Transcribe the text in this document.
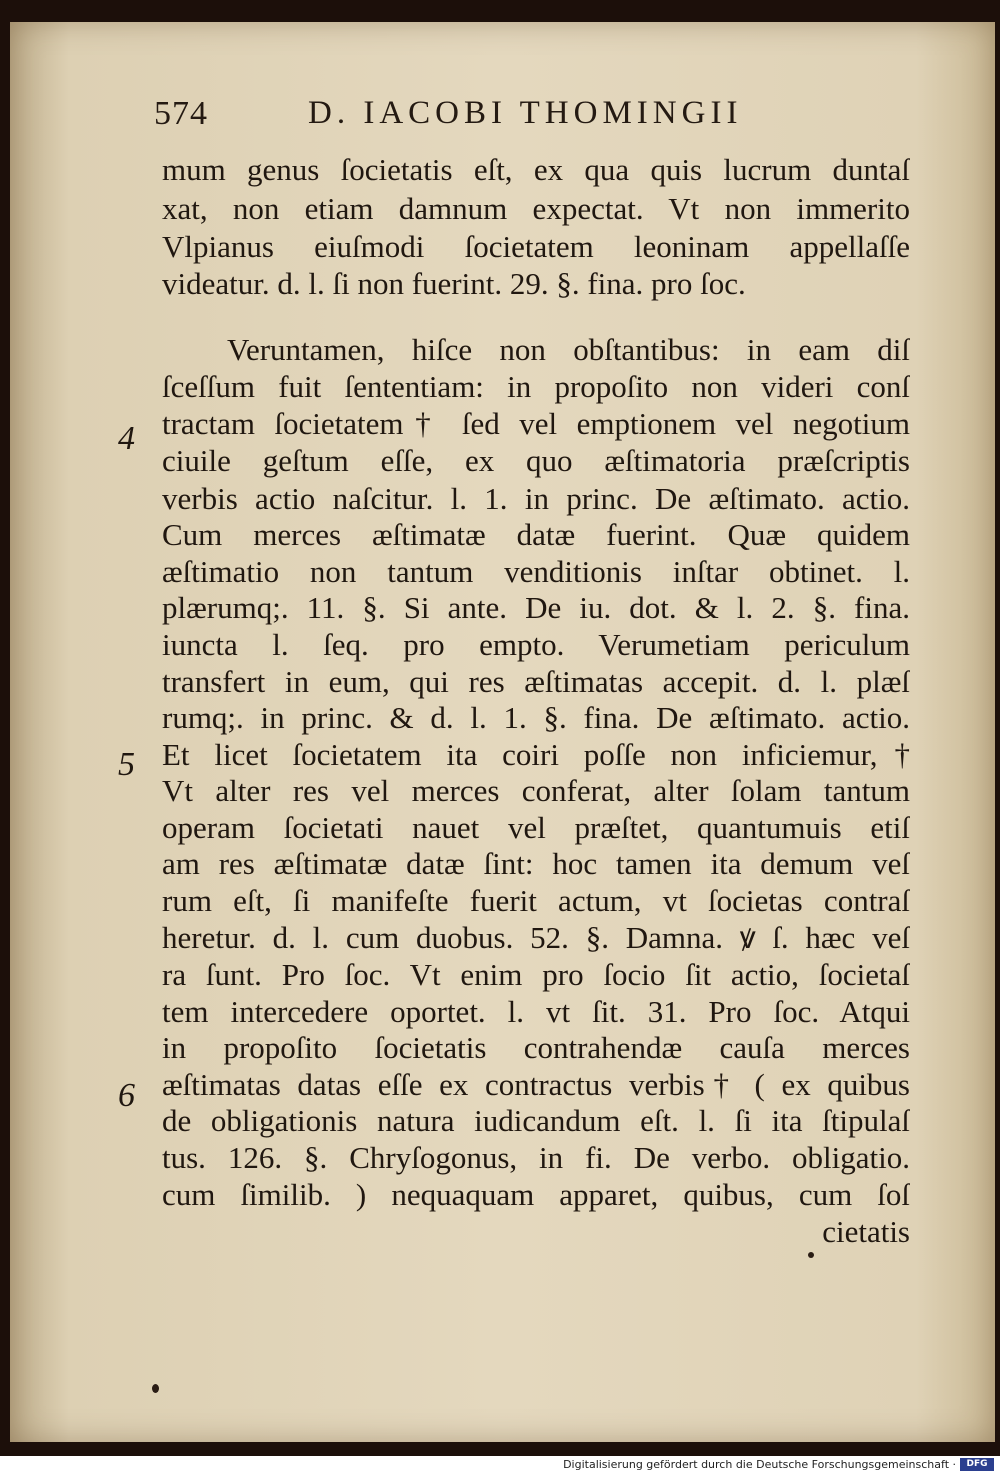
574	D. IACOBI THOMINGII
mum genus ſocietatis eſt, ex qua quis lucrum duntaſ
xat, non etiam damnum expectat. Vt non immerito
Vlpianus eiuſmodi ſocietatem leoninam appellaſſe
videatur. d. l. ſi non fuerint. 29. §. fina. pro ſoc.
Veruntamen, hiſce non obſtantibus: in eam diſ
ſceſſum fuit ſententiam: in propoſito non videri conſ
tractam ſocietatem† ſed vel emptionem vel negotium
ciuile geſtum eſſe, ex quo æſtimatoria præſcriptis
verbis actio naſcitur. l. 1. in princ. De æſtimato. actio.
Cum merces æſtimatæ datæ fuerint. Quæ quidem
æſtimatio non tantum venditionis inſtar obtinet. l.
plærumq;. 11. §. Si ante. De iu. dot. & l. 2. §. fina.
iuncta l. ſeq. pro empto. Verumetiam periculum
transfert in eum, qui res æſtimatas accepit. d. l. plæſ
rumq;. in princ. & d. l. 1. §. fina. De æſtimato. actio.
Et licet ſocietatem ita coiri poſſe non inficiemur,†
Vt alter res vel merces conferat, alter ſolam tantum
operam ſocietati nauet vel præſtet, quantumuis etiſ
am res æſtimatæ datæ ſint: hoc tamen ita demum veſ
rum eſt, ſi manifeſte fuerit actum, vt ſocietas contraſ
heretur. d. l. cum duobus. 52. §. Damna. ꝟ ſ. hæc veſ
ra ſunt. Pro ſoc. Vt enim pro ſocio ſit actio, ſocietaſ
tem intercedere oportet. l. vt ſit. 31. Pro ſoc. Atqui
in propoſito ſocietatis contrahendæ cauſa merces
æſtimatas datas eſſe ex contractus verbis† ( ex quibus
de obligationis natura iudicandum eſt. l. ſi ita ſtipulaſ
tus. 126. §. Chryſogonus, in fi. De verbo. obligatio.
cum ſimilib. ) nequaquam apparet, quibus, cum ſoſ
cietatis
4
5
6
Digitalisierung gefördert durch die Deutsche Forschungsgemeinschaft ·	DFG
